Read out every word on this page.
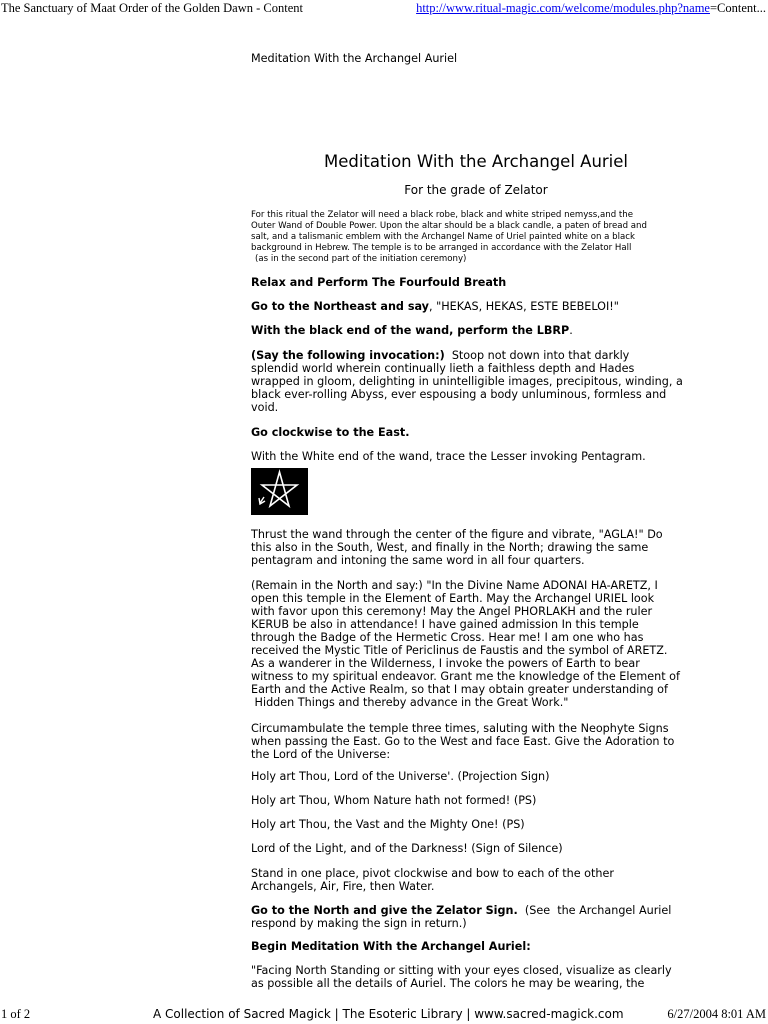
The Sanctuary of Maat Order of the Golden Dawn - Content	http://www.ritual-magic.com/welcome/modules.php?name=Content...
Meditation With the Archangel Auriel
Meditation With the Archangel Auriel
For the grade of Zelator
For this ritual the Zelator will need a black robe, black and white striped nemyss,and the
Outer Wand of Double Power. Upon the altar should be a black candle, a paten of bread and
salt, and a talismanic emblem with the Archangel Name of Uriel painted white on a black
background in Hebrew. The temple is to be arranged in accordance with the Zelator Hall
(as in the second part of the initiation ceremony)
Relax and Perform The Fourfould Breath
Go to the Northeast and say, "HEKAS, HEKAS, ESTE BEBELOI!"
With the black end of the wand, perform the LBRP.
(Say the following invocation:) Stoop not down into that darkly
splendid world wherein continually lieth a faithless depth and Hades
wrapped in gloom, delighting in unintelligible images, precipitous, winding, a
black ever-rolling Abyss, ever espousing a body unluminous, formless and
void.
Go clockwise to the East.
With the White end of the wand, trace the Lesser invoking Pentagram.
Thrust the wand through the center of the figure and vibrate, "AGLA!" Do
this also in the South, West, and finally in the North; drawing the same
pentagram and intoning the same word in all four quarters.
(Remain in the North and say:) "In the Divine Name ADONAI HA-ARETZ, I
open this temple in the Element of Earth. May the Archangel URIEL look
with favor upon this ceremony! May the Angel PHORLAKH and the ruler
KERUB be also in attendance! I have gained admission In this temple
through the Badge of the Hermetic Cross. Hear me! I am one who has
received the Mystic Title of Periclinus de Faustis and the symbol of ARETZ.
As a wanderer in the Wilderness, I invoke the powers of Earth to bear
witness to my spiritual endeavor. Grant me the knowledge of the Element of
Earth and the Active Realm, so that I may obtain greater understanding of
Hidden Things and thereby advance in the Great Work."
Circumambulate the temple three times, saluting with the Neophyte Signs
when passing the East. Go to the West and face East. Give the Adoration to
the Lord of the Universe:
Holy art Thou, Lord of the Universe'. (Projection Sign)
Holy art Thou, Whom Nature hath not formed! (PS)
Holy art Thou, the Vast and the Mighty One! (PS)
Lord of the Light, and of the Darkness! (Sign of Silence)
Stand in one place, pivot clockwise and bow to each of the other
Archangels, Air, Fire, then Water.
Go to the North and give the Zelator Sign.  (See  the Archangel Auriel
respond by making the sign in return.)
Begin Meditation With the Archangel Auriel:
"Facing North Standing or sitting with your eyes closed, visualize as clearly
as possible all the details of Auriel. The colors he may be wearing, the
1 of 2	A Collection of Sacred Magick | The Esoteric Library | www.sacred-magick.com	6/27/2004 8:01 AM
